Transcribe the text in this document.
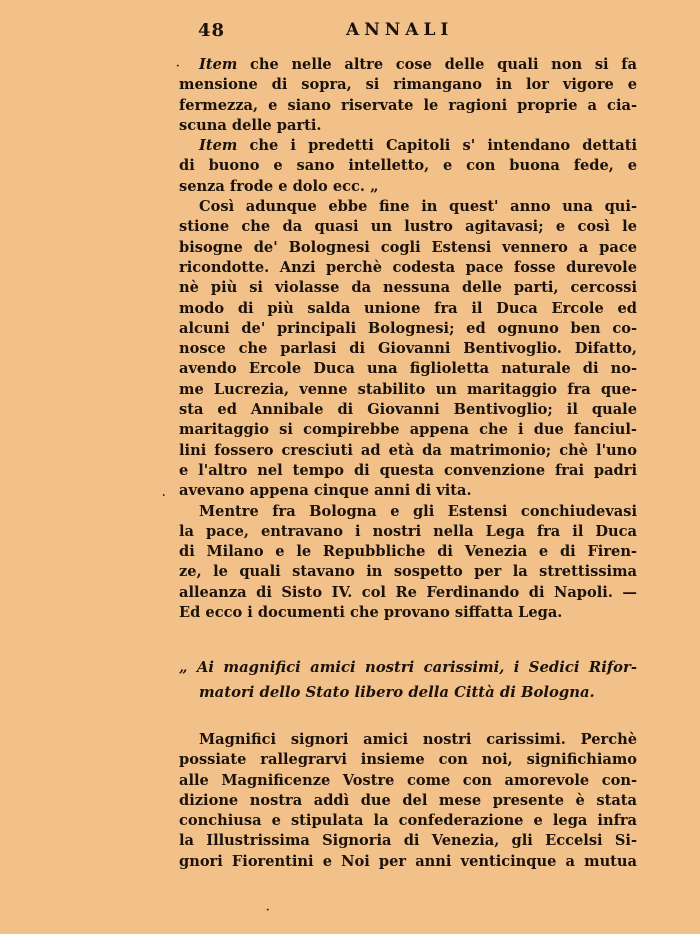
48	ANNALI
Item che nelle altre cose delle quali non si fa
mensione di sopra, si rimangano in lor vigore e
fermezza, e siano riservate le ragioni proprie a cia-
scuna delle parti.
Item che i predetti Capitoli s' intendano dettati
di buono e sano intelletto, e con buona fede, e
senza frode e dolo ecc. „
Così adunque ebbe fine in quest' anno una qui-
stione che da quasi un lustro agitavasi; e così le
bisogne de' Bolognesi cogli Estensi vennero a pace
ricondotte. Anzi perchè codesta pace fosse durevole
nè più si violasse da nessuna delle parti, cercossi
modo di più salda unione fra il Duca Ercole ed
alcuni de' principali Bolognesi; ed ognuno ben co-
nosce che parlasi di Giovanni Bentivoglio. Difatto,
avendo Ercole Duca una figlioletta naturale di no-
me Lucrezia, venne stabilito un maritaggio fra que-
sta ed Annibale di Giovanni Bentivoglio; il quale
maritaggio si compirebbe appena che i due fanciul-
lini fossero cresciuti ad età da matrimonio; chè l'uno
e l'altro nel tempo di questa convenzione frai padri
avevano appena cinque anni di vita.
Mentre fra Bologna e gli Estensi conchiudevasi
la pace, entravano i nostri nella Lega fra il Duca
di Milano e le Repubbliche di Venezia e di Firen-
ze, le quali stavano in sospetto per la strettissima
alleanza di Sisto IV. col Re Ferdinando di Napoli. —
Ed ecco i documenti che provano siffatta Lega.
„ Ai magnifici amici nostri carissimi, i Sedici Rifor-
matori dello Stato libero della Città di Bologna.
Magnifici signori amici nostri carissimi. Perchè
possiate rallegrarvi insieme con noi, significhiamo
alle Magnificenze Vostre come con amorevole con-
dizione nostra addì due del mese presente è stata
conchiusa e stipulata la confederazione e lega infra
la Illustrissima Signoria di Venezia, gli Eccelsi Si-
gnori Fiorentini e Noi per anni venticinque a mutua
·
.
·
